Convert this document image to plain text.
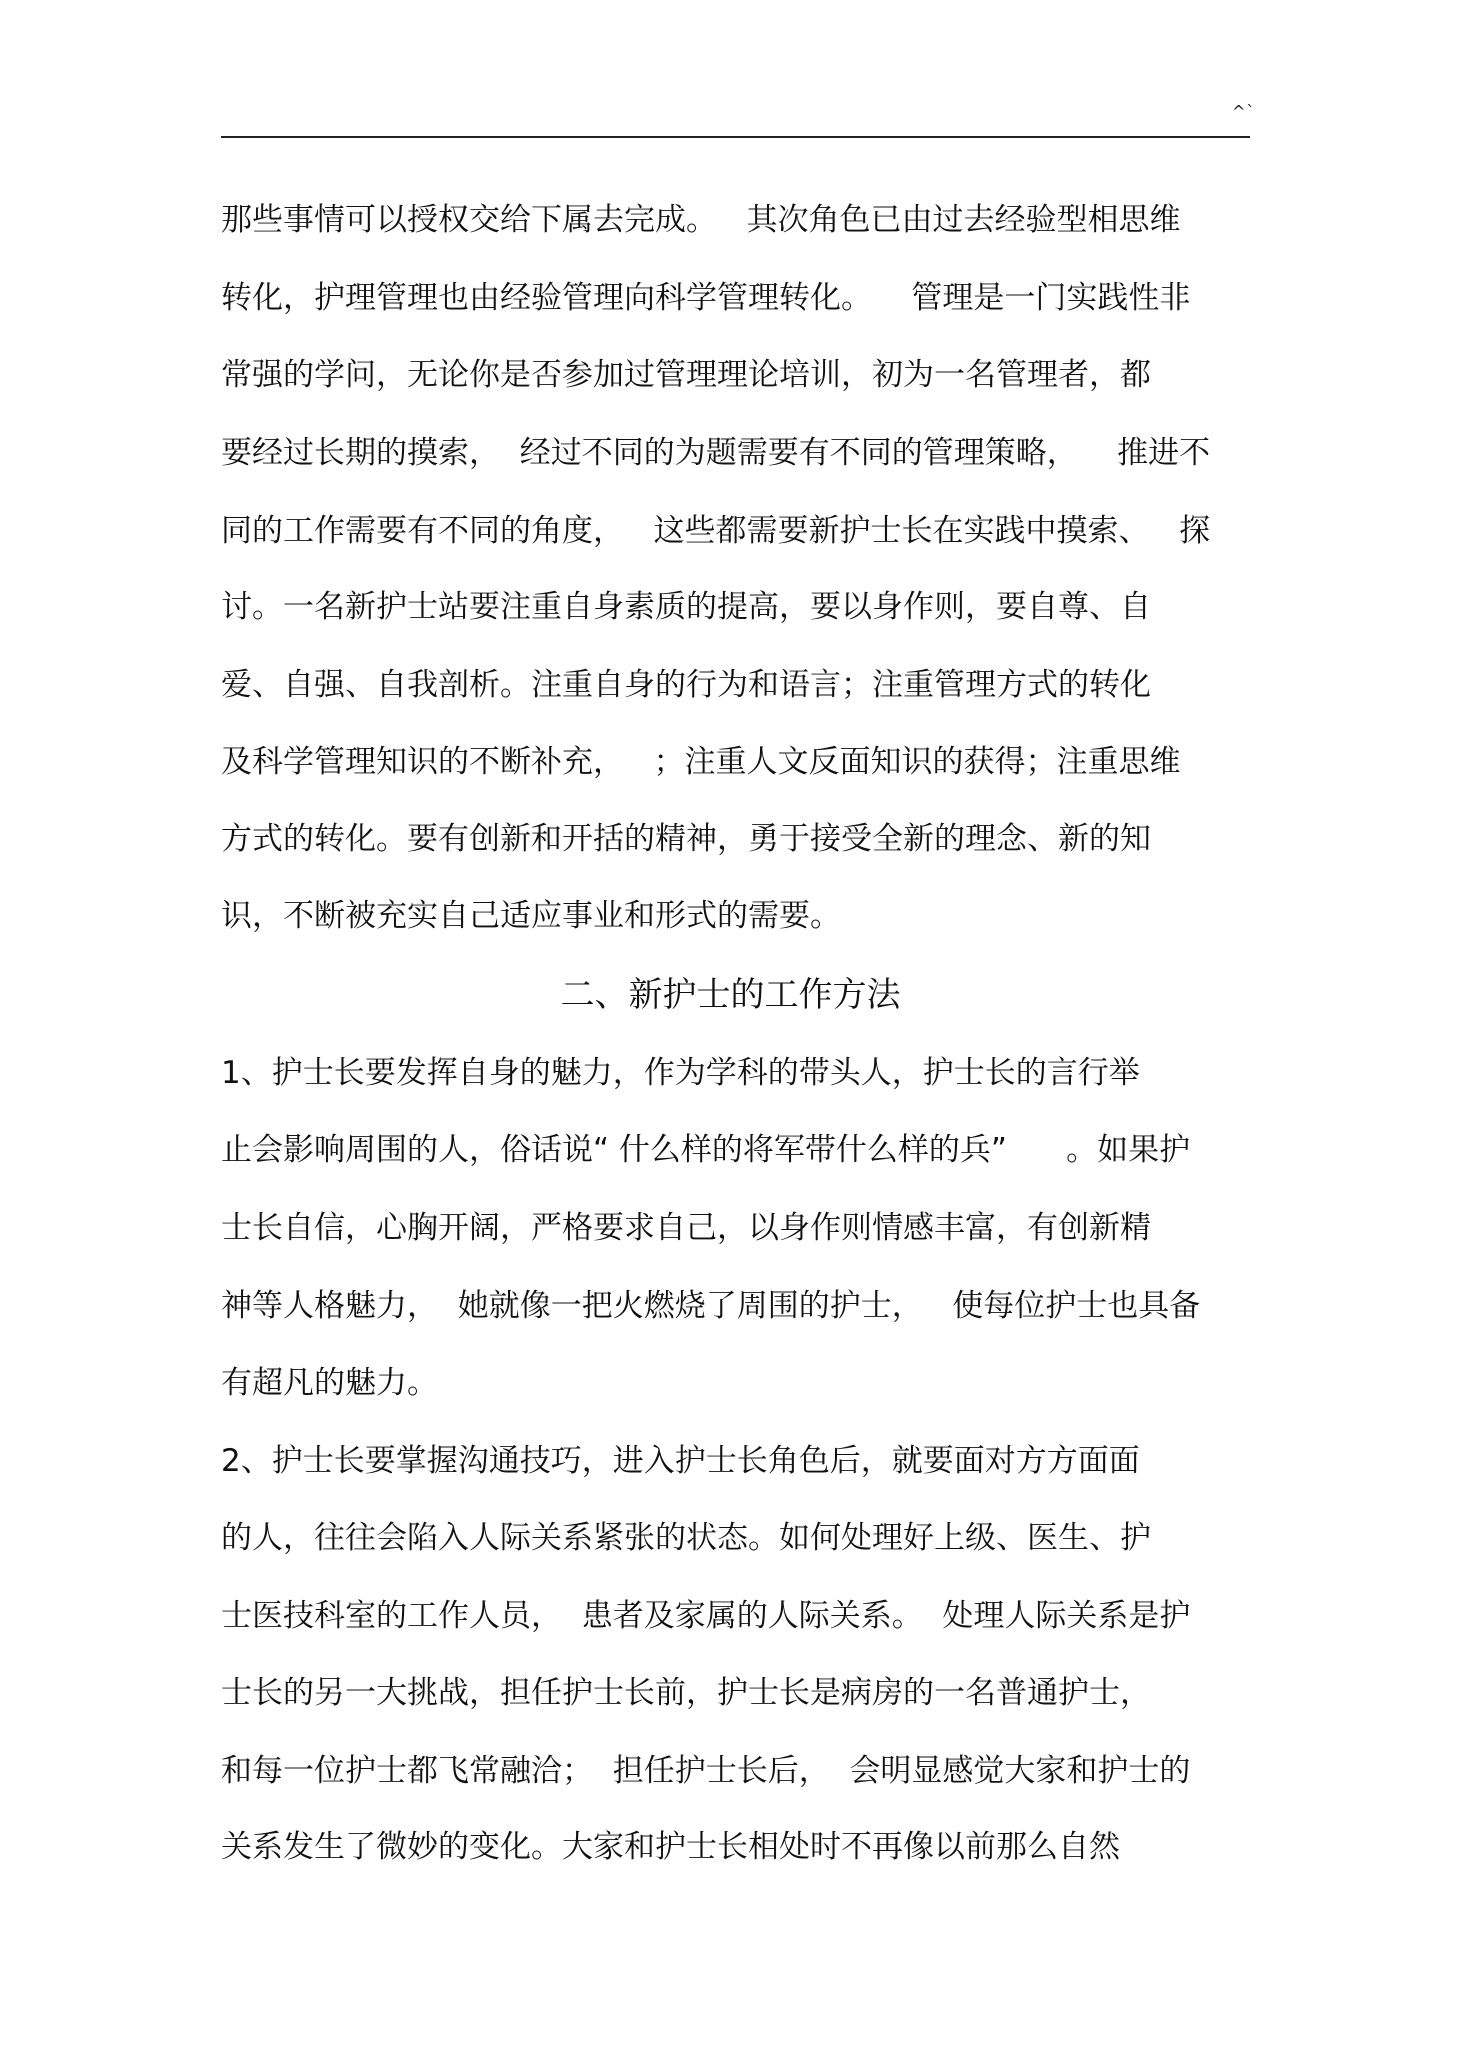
^`
那些事情可以授权交给下属去完成。   其次角色已由过去经验型相思维
转化，护理管理也由经验管理向科学管理转化。    管理是一门实践性非
常强的学问，无论你是否参加过管理理论培训，初为一名管理者，都
要经过长期的摸索，  经过不同的为题需要有不同的管理策略，    推进不
同的工作需要有不同的角度，   这些都需要新护士长在实践中摸索、   探
讨。一名新护士站要注重自身素质的提高，要以身作则，要自尊、自
爱、自强、自我剖析。注重自身的行为和语言；注重管理方式的转化
及科学管理知识的不断补充，   ；注重人文反面知识的获得；注重思维
方式的转化。要有创新和开括的精神，勇于接受全新的理念、新的知
识，不断被充实自己适应事业和形式的需要。
二、新护士的工作方法
1、护士长要发挥自身的魅力，作为学科的带头人，护士长的言行举
止会影响周围的人，俗话说“ 什么样的将军带什么样的兵”      。如果护
士长自信，心胸开阔，严格要求自己，以身作则情感丰富，有创新精
神等人格魅力，  她就像一把火燃烧了周围的护士，   使每位护士也具备
有超凡的魅力。
2、护士长要掌握沟通技巧，进入护士长角色后，就要面对方方面面
的人，往往会陷入人际关系紧张的状态。如何处理好上级、医生、护
士医技科室的工作人员，  患者及家属的人际关系。  处理人际关系是护
士长的另一大挑战，担任护士长前，护士长是病房的一名普通护士，
和每一位护士都飞常融洽；  担任护士长后，  会明显感觉大家和护士的
关系发生了微妙的变化。大家和护士长相处时不再像以前那么自然
